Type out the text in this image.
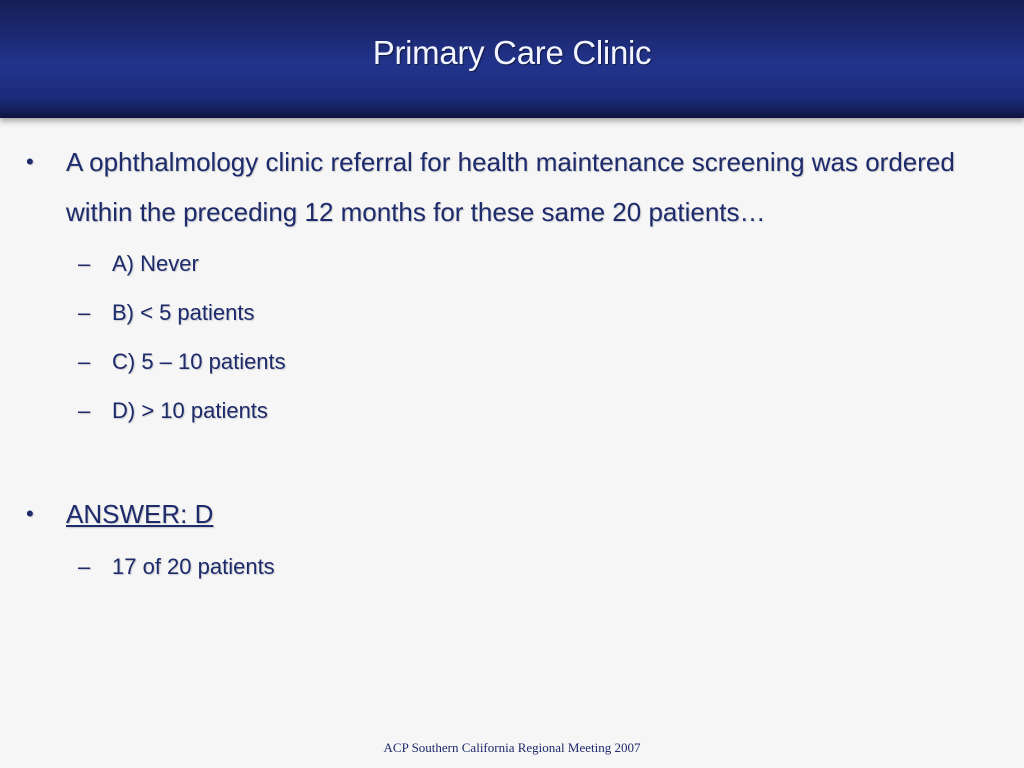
Primary Care Clinic
•	A ophthalmology clinic referral for health maintenance screening was ordered
within the preceding 12 months for these same 20 patients…
– A) Never
– B) < 5 patients
– C) 5 – 10 patients
– D) > 10 patients
•	ANSWER: D
– 17 of 20 patients
ACP Southern California Regional Meeting 2007
